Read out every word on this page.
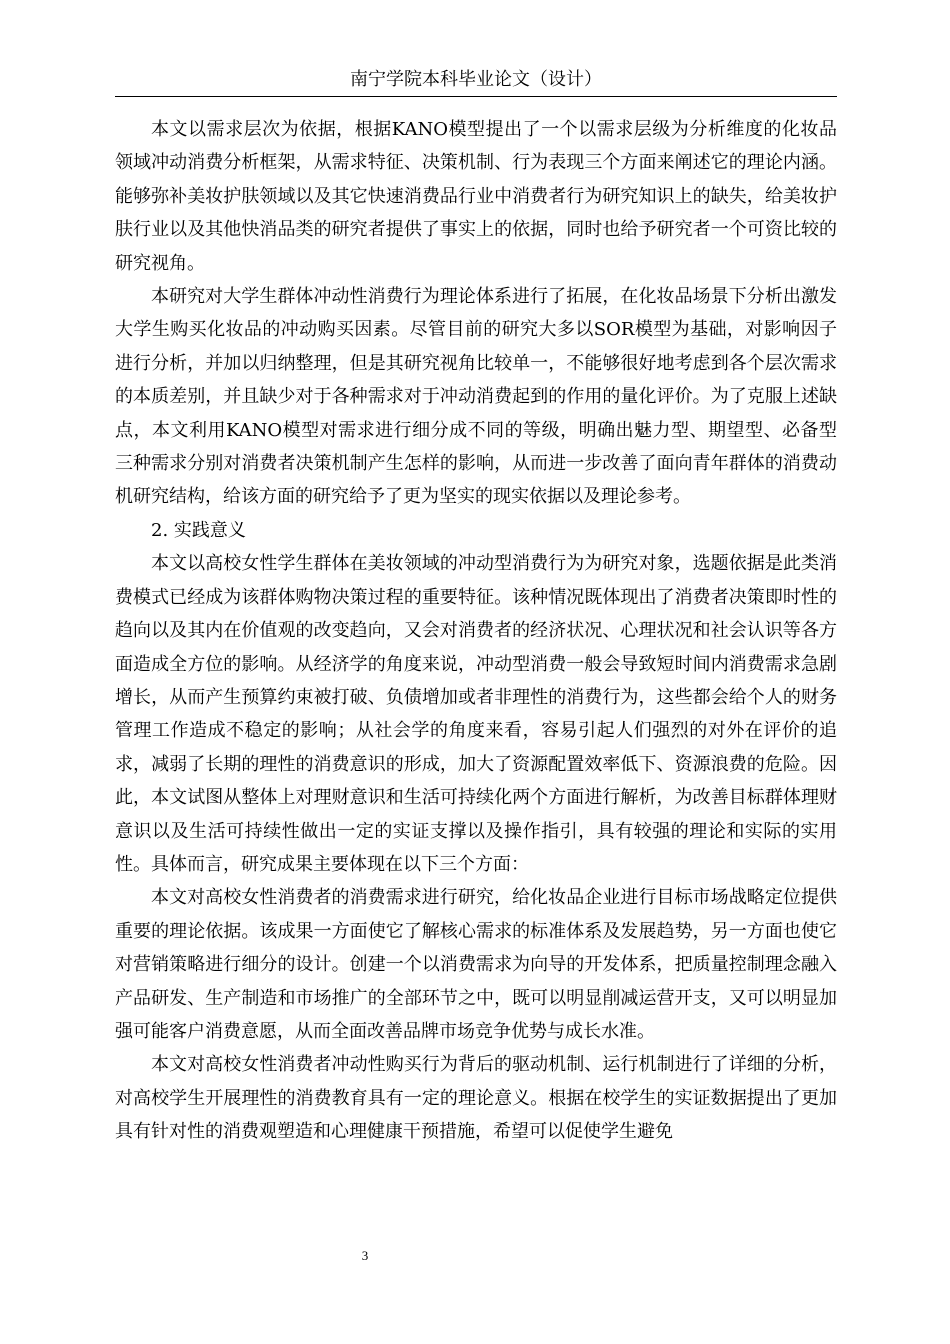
南宁学院本科毕业论文（设计）

本文以需求层次为依据，根据KANO模型提出了一个以需求层级为分析维度的化妆品领域冲动消费分析框架，从需求特征、决策机制、行为表现三个方面来阐述它的理论内涵。能够弥补美妆护肤领域以及其它快速消费品行业中消费者行为研究知识上的缺失，给美妆护肤行业以及其他快消品类的研究者提供了事实上的依据，同时也给予研究者一个可资比较的研究视角。

本研究对大学生群体冲动性消费行为理论体系进行了拓展，在化妆品场景下分析出激发大学生购买化妆品的冲动购买因素。尽管目前的研究大多以SOR模型为基础，对影响因子进行分析，并加以归纳整理，但是其研究视角比较单一，不能够很好地考虑到各个层次需求的本质差别，并且缺少对于各种需求对于冲动消费起到的作用的量化评价。为了克服上述缺点，本文利用KANO模型对需求进行细分成不同的等级，明确出魅力型、期望型、必备型三种需求分别对消费者决策机制产生怎样的影响，从而进一步改善了面向青年群体的消费动机研究结构，给该方面的研究给予了更为坚实的现实依据以及理论参考。

2. 实践意义

本文以高校女性学生群体在美妆领域的冲动型消费行为为研究对象，选题依据是此类消费模式已经成为该群体购物决策过程的重要特征。该种情况既体现出了消费者决策即时性的趋向以及其内在价值观的改变趋向，又会对消费者的经济状况、心理状况和社会认识等各方面造成全方位的影响。从经济学的角度来说，冲动型消费一般会导致短时间内消费需求急剧增长，从而产生预算约束被打破、负债增加或者非理性的消费行为，这些都会给个人的财务管理工作造成不稳定的影响；从社会学的角度来看，容易引起人们强烈的对外在评价的追求，减弱了长期的理性的消费意识的形成，加大了资源配置效率低下、资源浪费的危险。因此，本文试图从整体上对理财意识和生活可持续化两个方面进行解析，为改善目标群体理财意识以及生活可持续性做出一定的实证支撑以及操作指引，具有较强的理论和实际的实用性。具体而言，研究成果主要体现在以下三个方面：

本文对高校女性消费者的消费需求进行研究，给化妆品企业进行目标市场战略定位提供重要的理论依据。该成果一方面使它了解核心需求的标准体系及发展趋势，另一方面也使它对营销策略进行细分的设计。创建一个以消费需求为向导的开发体系，把质量控制理念融入产品研发、生产制造和市场推广的全部环节之中，既可以明显削减运营开支，又可以明显加强可能客户消费意愿，从而全面改善品牌市场竞争优势与成长水准。

本文对高校女性消费者冲动性购买行为背后的驱动机制、运行机制进行了详细的分析，对高校学生开展理性的消费教育具有一定的理论意义。根据在校学生的实证数据提出了更加具有针对性的消费观塑造和心理健康干预措施，希望可以促使学生避免

3
